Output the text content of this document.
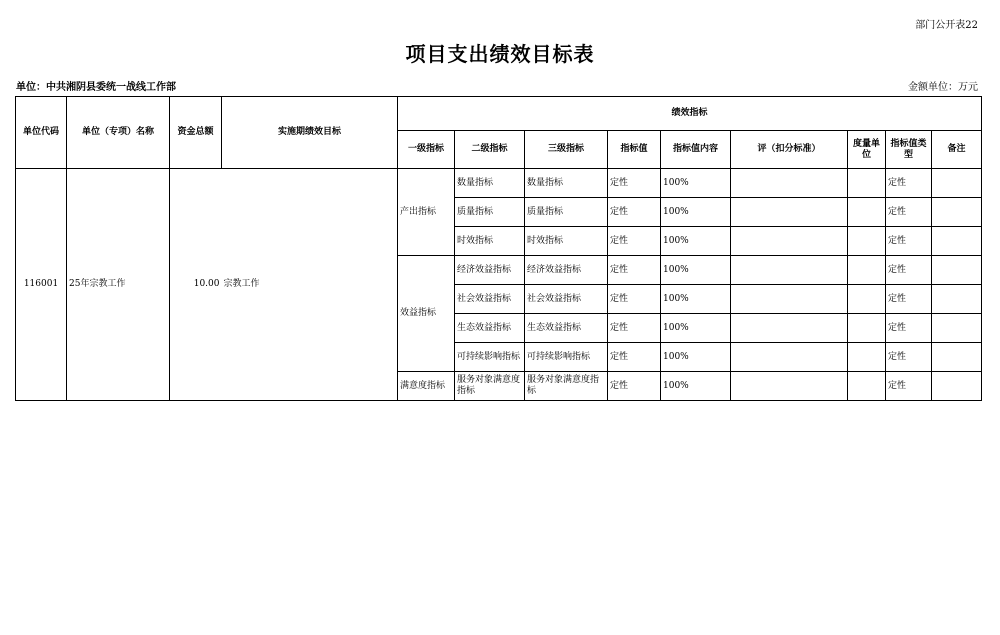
部门公开表22
项目支出绩效目标表
单位：中共湘阴县委统一战线工作部	金额单位：万元
单位代码	单位（专项）名称	资金总额	实施期绩效目标	绩效指标								
				一级指标	二级指标	三级指标	指标值	指标值内容	评（扣分标准）	度量单位	指标值类型	备注
116001	25年宗教工作	10.00	宗教工作	产出指标	数量指标	数量指标	定性	100%			定性	
					质量指标	质量指标	定性	100%			定性	
					时效指标	时效指标	定性	100%			定性	
				效益指标	经济效益指标	经济效益指标	定性	100%			定性	
					社会效益指标	社会效益指标	定性	100%			定性	
					生态效益指标	生态效益指标	定性	100%			定性	
					可持续影响指标	可持续影响指标	定性	100%			定性	
				满意度指标	服务对象满意度指标	服务对象满意度指标	定性	100%			定性	
